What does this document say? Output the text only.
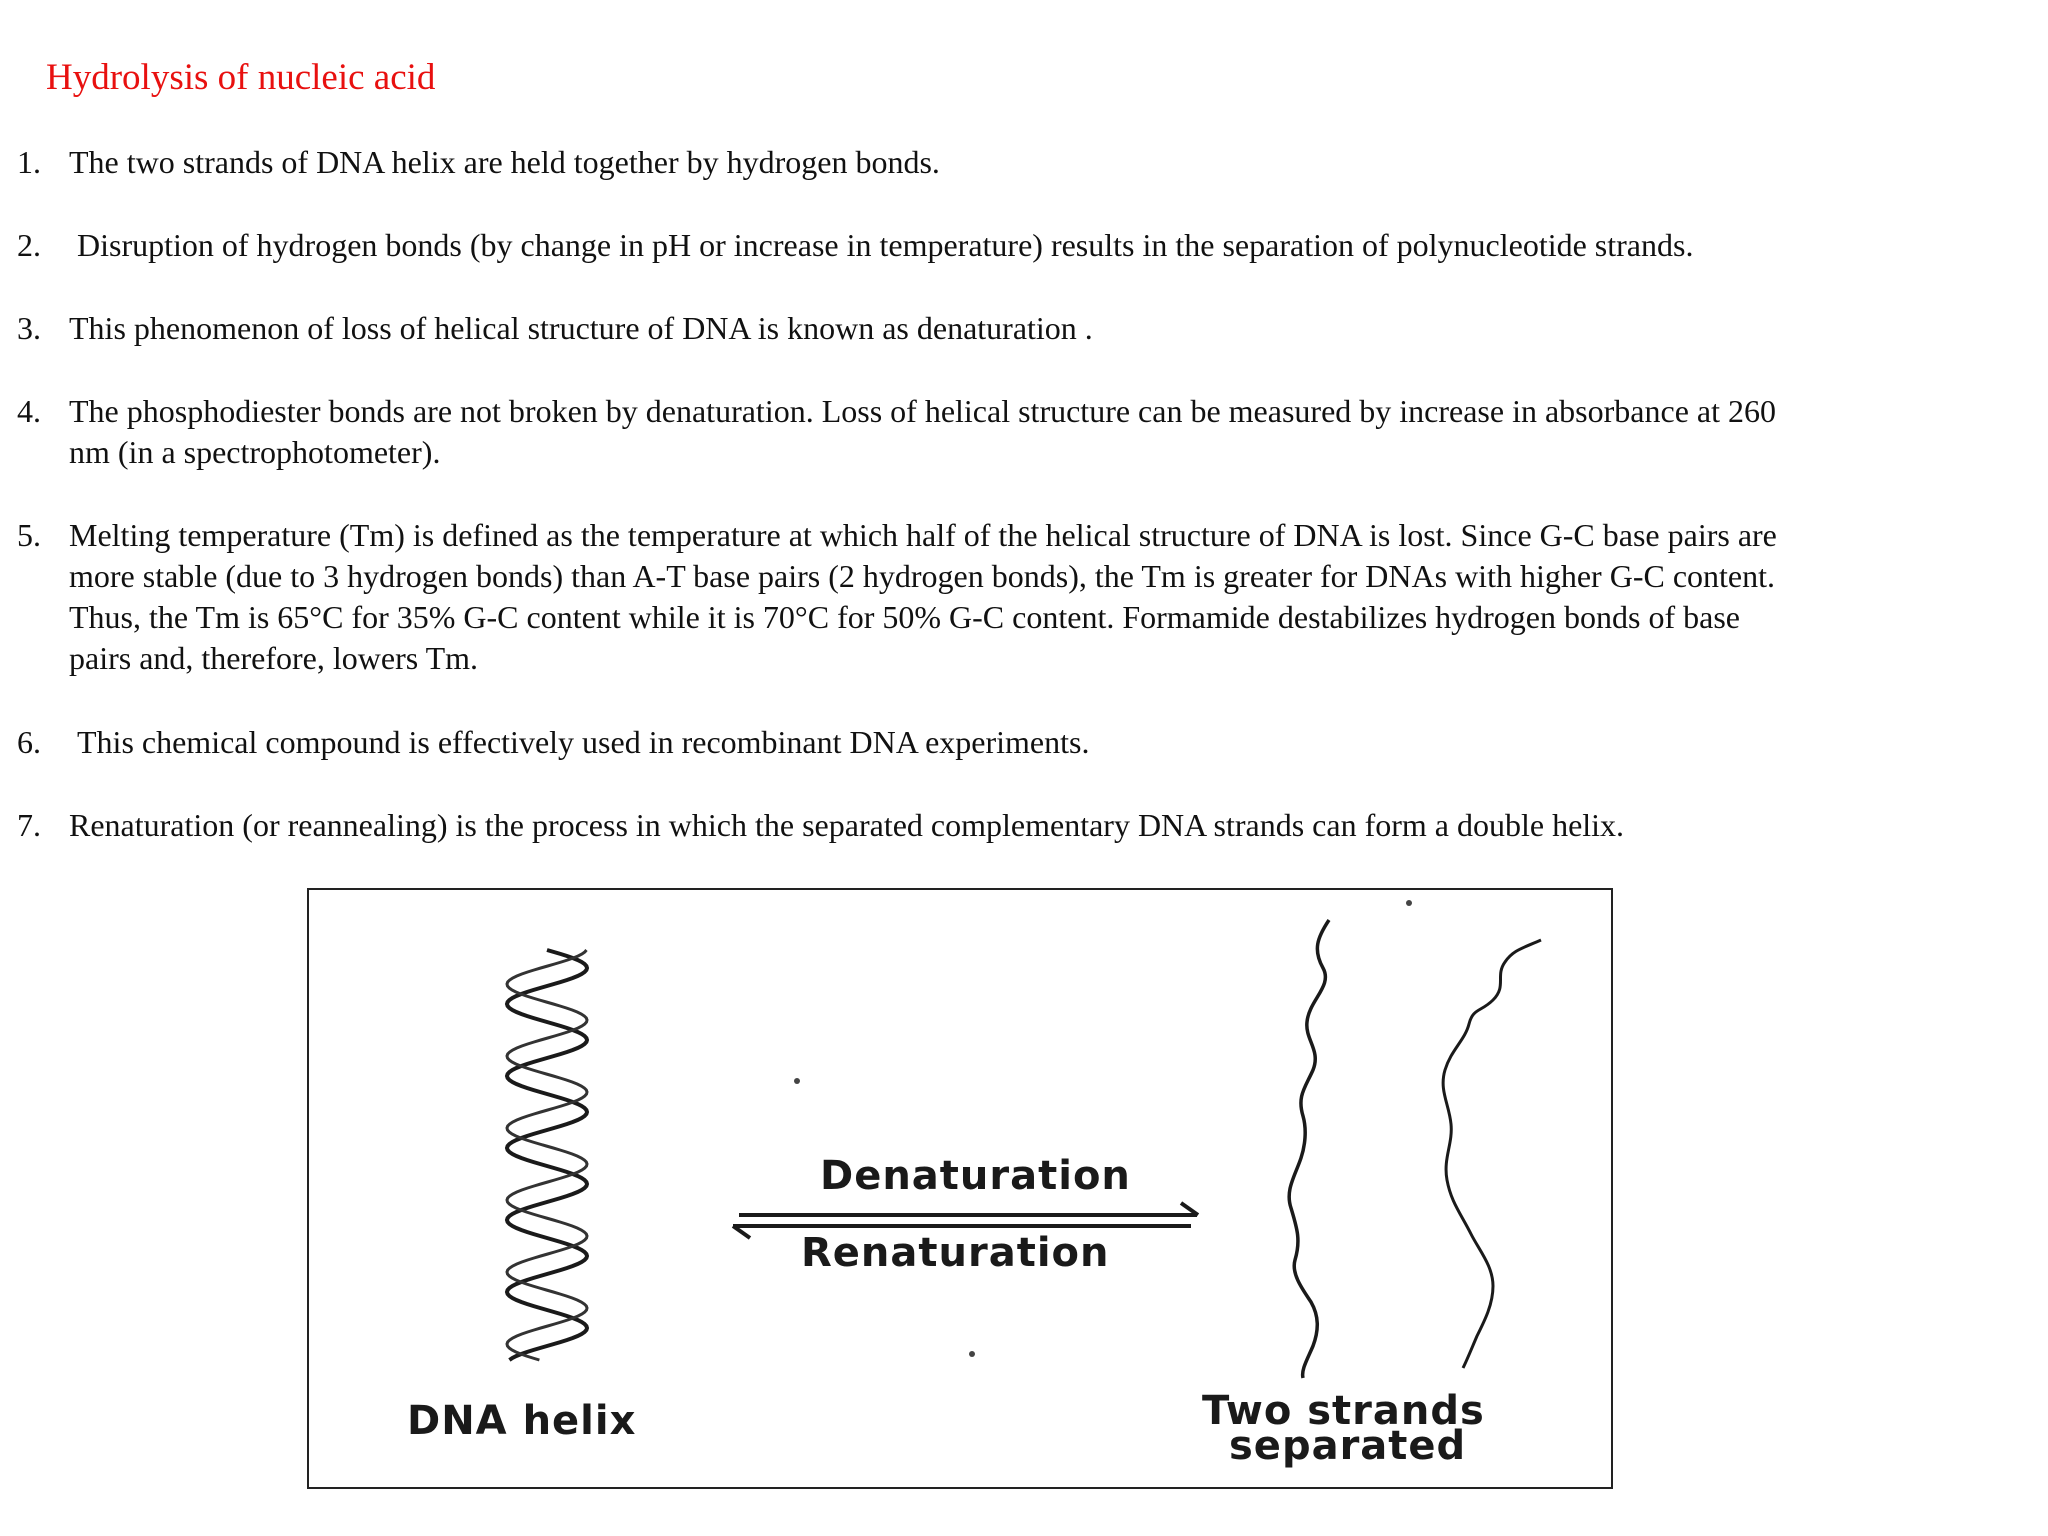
Hydrolysis of nucleic acid
1. The two strands of DNA helix are held together by hydrogen bonds.
2. Disruption of hydrogen bonds (by change in pH or increase in temperature) results in the separation of polynucleotide strands.
3. This phenomenon of loss of helical structure of DNA is known as denaturation .
4. The phosphodiester bonds are not broken by denaturation. Loss of helical structure can be measured by increase in absorbance at 260
nm (in a spectrophotometer).
5. Melting temperature (Tm) is defined as the temperature at which half of the helical structure of DNA is lost. Since G-C base pairs are
more stable (due to 3 hydrogen bonds) than A-T base pairs (2 hydrogen bonds), the Tm is greater for DNAs with higher G-C content.
Thus, the Tm is 65°C for 35% G-C content while it is 70°C for 50% G-C content. Formamide destabilizes hydrogen bonds of base
pairs and, therefore, lowers Tm.
6. This chemical compound is effectively used in recombinant DNA experiments.
7. Renaturation (or reannealing) is the process in which the separated complementary DNA strands can form a double helix.
Denaturation
Renaturation
DNA helix	Two strands
separated
